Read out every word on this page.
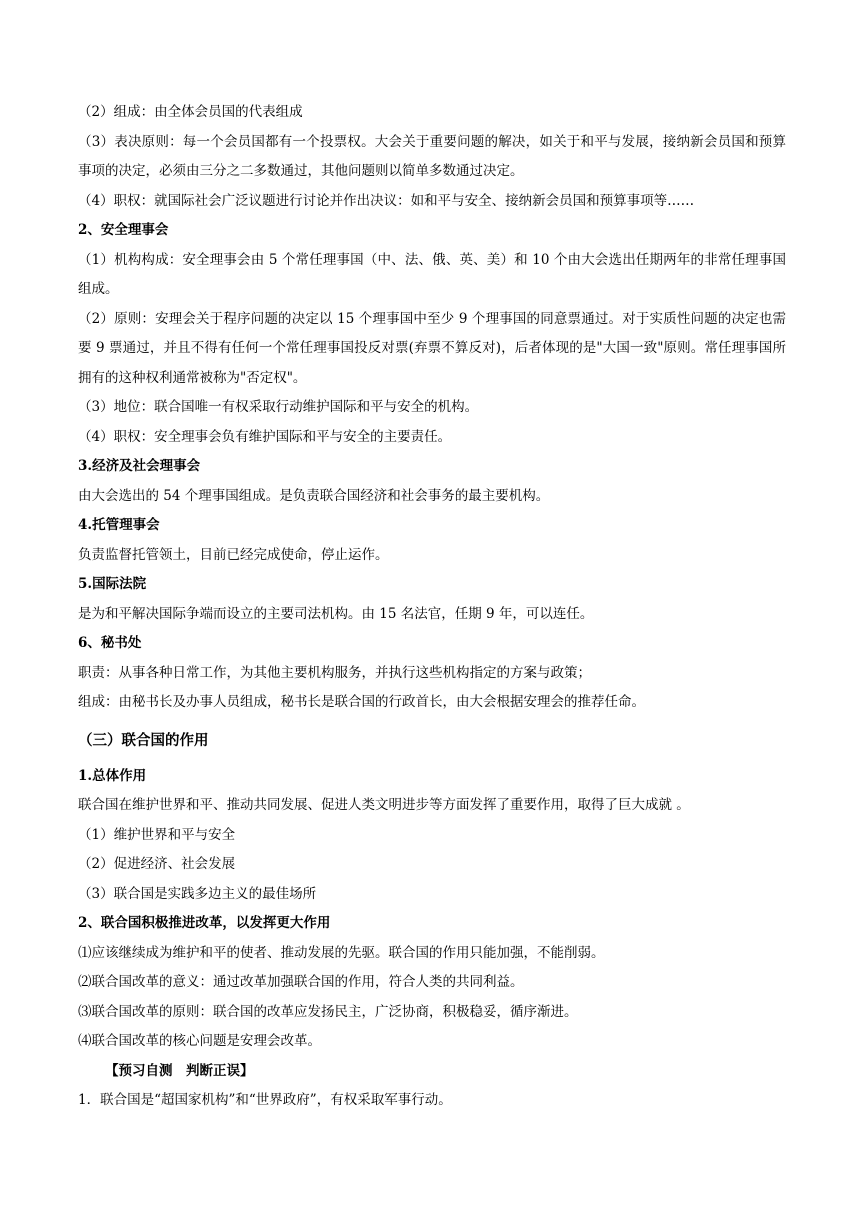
（2）组成：由全体会员国的代表组成
（3）表决原则：每一个会员国都有一个投票权。大会关于重要问题的解决，如关于和平与发展，接纳新会员国和预算事项的决定，必须由三分之二多数通过，其他问题则以简单多数通过决定。
（4）职权：就国际社会广泛议题进行讨论并作出决议：如和平与安全、接纳新会员国和预算事项等……
2、安全理事会
（1）机构构成：安全理事会由 5 个常任理事国（中、法、俄、英、美）和 10 个由大会选出任期两年的非常任理事国组成。
（2）原则：安理会关于程序问题的决定以 15 个理事国中至少 9 个理事国的同意票通过。对于实质性问题的决定也需要 9 票通过，并且不得有任何一个常任理事国投反对票(弃票不算反对)，后者体现的是"大国一致"原则。常任理事国所拥有的这种权利通常被称为"否定权"。
（3）地位：联合国唯一有权采取行动维护国际和平与安全的机构。
（4）职权：安全理事会负有维护国际和平与安全的主要责任。
3.经济及社会理事会
由大会选出的 54 个理事国组成。是负责联合国经济和社会事务的最主要机构。
4.托管理事会
负责监督托管领土，目前已经完成使命，停止运作。
5.国际法院
是为和平解决国际争端而设立的主要司法机构。由 15 名法官，任期 9 年，可以连任。
6、秘书处
职责：从事各种日常工作，为其他主要机构服务，并执行这些机构指定的方案与政策；
组成：由秘书长及办事人员组成，秘书长是联合国的行政首长，由大会根据安理会的推荐任命。
（三）联合国的作用
1.总体作用
联合国在维护世界和平、推动共同发展、促进人类文明进步等方面发挥了重要作用，取得了巨大成就 。
（1）维护世界和平与安全
（2）促进经济、社会发展
（3）联合国是实践多边主义的最佳场所
2、联合国积极推进改革，以发挥更大作用
⑴应该继续成为维护和平的使者、推动发展的先驱。联合国的作用只能加强，不能削弱。
⑵联合国改革的意义：通过改革加强联合国的作用，符合人类的共同利益。
⑶联合国改革的原则：联合国的改革应发扬民主，广泛协商，积极稳妥，循序渐进。
⑷联合国改革的核心问题是安理会改革。
【预习自测　判断正误】
1．联合国是“超国家机构”和“世界政府”，有权采取军事行动。
